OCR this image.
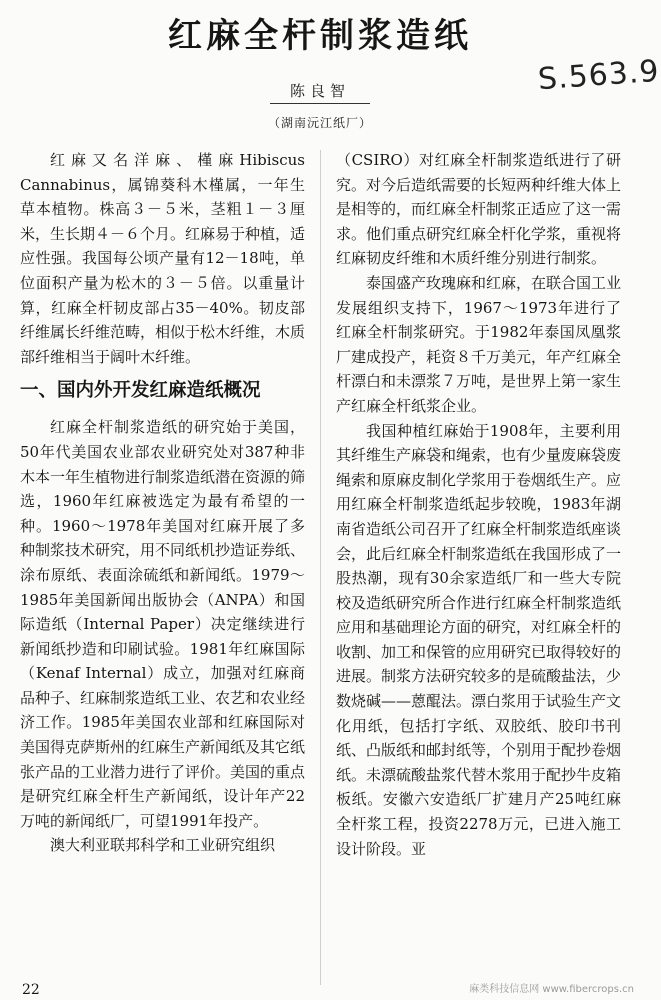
红麻全杆制浆造纸
陈良智
（湖南沅江纸厂）
S.563.9

红麻又名洋麻、槿麻Hibiscus Cannabinus，属锦葵科木槿属，一年生草本植物。株高３－５米，茎粗１－３厘米，生长期４－６个月。红麻易于种植，适应性强。我国每公顷产量有12－18吨，单位面积产量为松木的３－５倍。以重量计算，红麻全杆韧皮部占35－40%。韧皮部纤维属长纤维范畴，相似于松木纤维，木质部纤维相当于阔叶木纤维。

一、国内外开发红麻造纸概况

红麻全杆制浆造纸的研究始于美国，50年代美国农业部农业研究处对387种非木本一年生植物进行制浆造纸潜在资源的筛选，1960年红麻被选定为最有希望的一种。1960～1978年美国对红麻开展了多种制浆技术研究，用不同纸机抄造证券纸、涂布原纸、表面涂硫纸和新闻纸。1979～1985年美国新闻出版协会（ANPA）和国际造纸（Internal Paper）决定继续进行新闻纸抄造和印刷试验。1981年红麻国际（Kenaf Internal）成立，加强对红麻商品种子、红麻制浆造纸工业、农艺和农业经济工作。1985年美国农业部和红麻国际对美国得克萨斯州的红麻生产新闻纸及其它纸张产品的工业潜力进行了评价。美国的重点是研究红麻全杆生产新闻纸，设计年产22万吨的新闻纸厂，可望1991年投产。

澳大利亚联邦科学和工业研究组织

（CSIRO）对红麻全杆制浆造纸进行了研究。对今后造纸需要的长短两种纤维大体上是相等的，而红麻全杆制浆正适应了这一需求。他们重点研究红麻全杆化学浆，重视将红麻韧皮纤维和木质纤维分别进行制浆。

泰国盛产玫瑰麻和红麻，在联合国工业发展组织支持下，1967～1973年进行了红麻全杆制浆研究。于1982年泰国凤凰浆厂建成投产，耗资８千万美元，年产红麻全杆漂白和未漂浆７万吨，是世界上第一家生产红麻全杆纸浆企业。

我国种植红麻始于1908年，主要利用其纤维生产麻袋和绳索，也有少量废麻袋废绳索和原麻皮制化学浆用于卷烟纸生产。应用红麻全杆制浆造纸起步较晚，1983年湖南省造纸公司召开了红麻全杆制浆造纸座谈会，此后红麻全杆制浆造纸在我国形成了一股热潮，现有30余家造纸厂和一些大专院校及造纸研究所合作进行红麻全杆制浆造纸应用和基础理论方面的研究，对红麻全杆的收割、加工和保管的应用研究已取得较好的进展。制浆方法研究较多的是硫酸盐法，少数烧碱——蒽醌法。漂白浆用于试验生产文化用纸，包括打字纸、双胶纸、胶印书刊纸、凸版纸和邮封纸等，个别用于配抄卷烟纸。未漂硫酸盐浆代替木浆用于配抄牛皮箱板纸。安徽六安造纸厂扩建月产25吨红麻全杆浆工程，投资2278万元，已进入施工设计阶段。亚

22	麻类科技信息网 www.fibercrops.cn
